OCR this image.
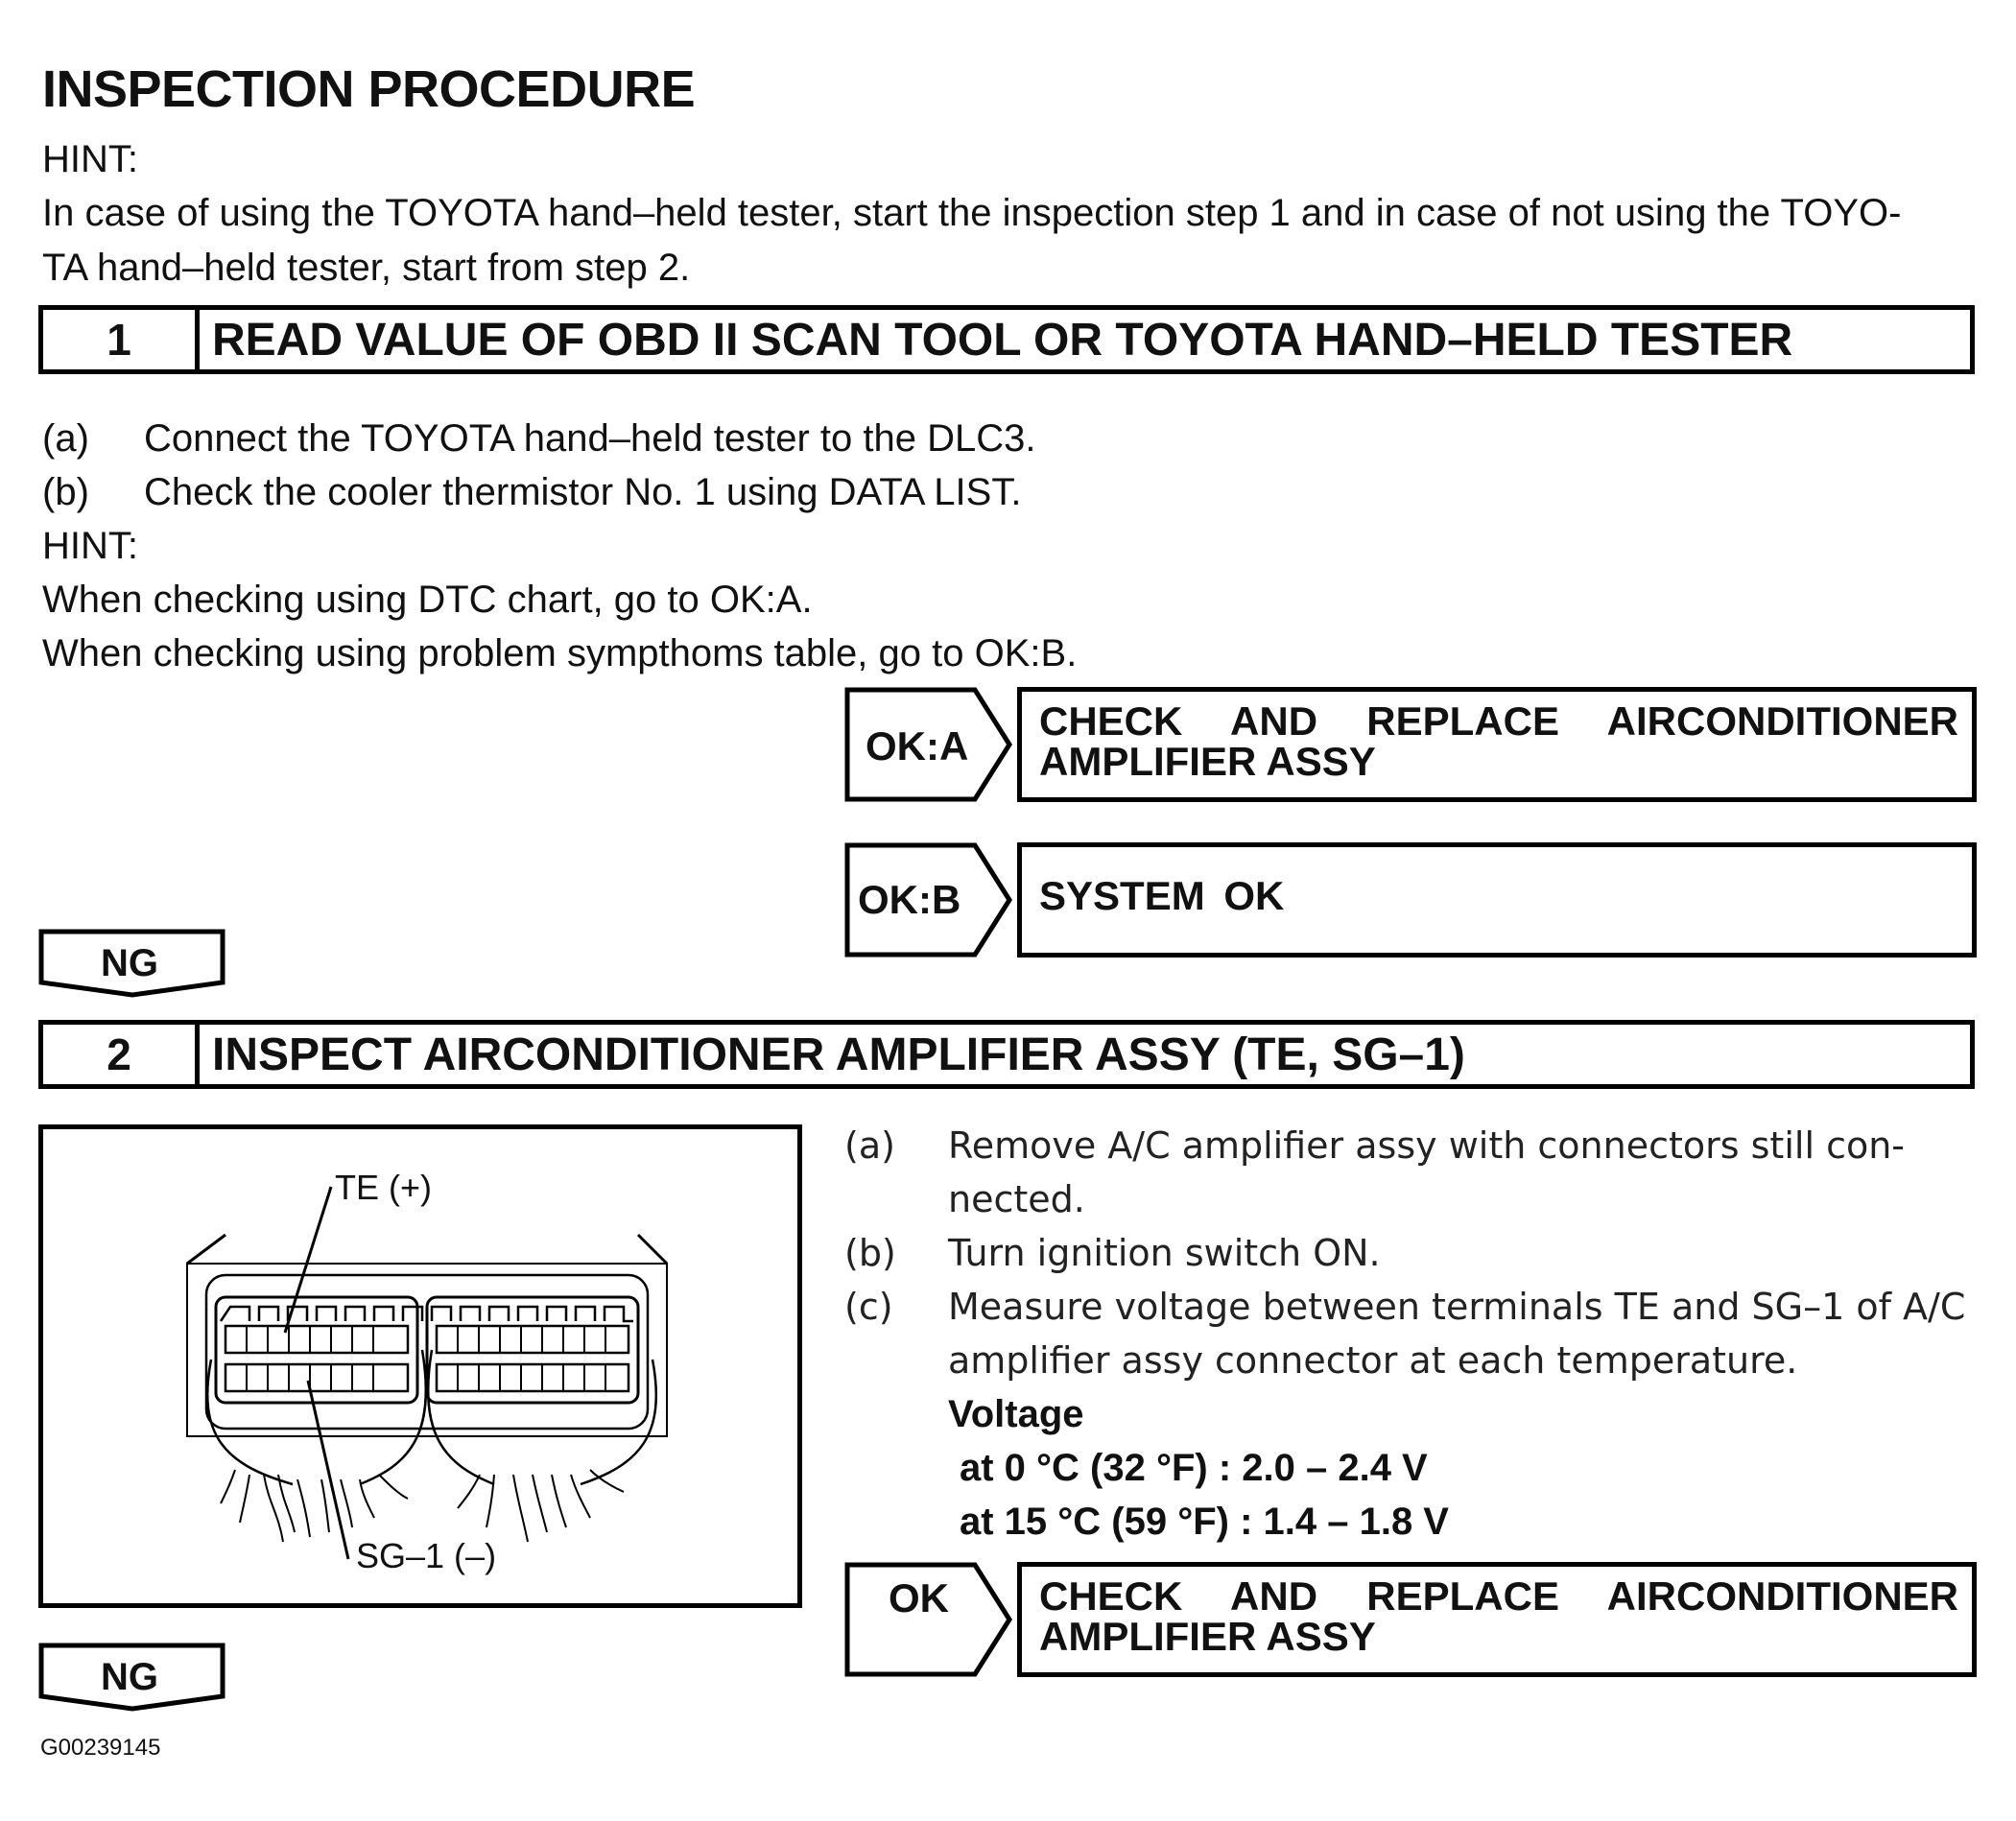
INSPECTION PROCEDURE
HINT:
In case of using the TOYOTA hand–held tester, start the inspection step 1 and in case of not using the TOYO-
TA hand–held tester, start from step 2.
1	READ VALUE OF OBD II SCAN TOOL OR TOYOTA HAND–HELD TESTER
(a) Connect the TOYOTA hand–held tester to the DLC3.
(b) Check the cooler thermistor No. 1 using DATA LIST.
HINT:
When checking using DTC chart, go to OK:A.
When checking using problem sympthoms table, go to OK:B.
OK:A
CHECK AND REPLACE AIRCONDITIONER
AMPLIFIER ASSY
OK:B SYSTEM OK
NG
2	INSPECT AIRCONDITIONER AMPLIFIER ASSY (TE, SG–1)
TE (+)
SG–1 (–)
(a) Remove A/C amplifier assy with connectors still con-
nected.
(b) Turn ignition switch ON.
(c) Measure voltage between terminals TE and SG–1 of A/C
amplifier assy connector at each temperature.
Voltage
at 0 °C (32 °F) : 2.0 – 2.4 V
at 15 °C (59 °F) : 1.4 – 1.8 V
OK CHECK AND REPLACE AIRCONDITIONER
AMPLIFIER ASSY
NG
G00239145
